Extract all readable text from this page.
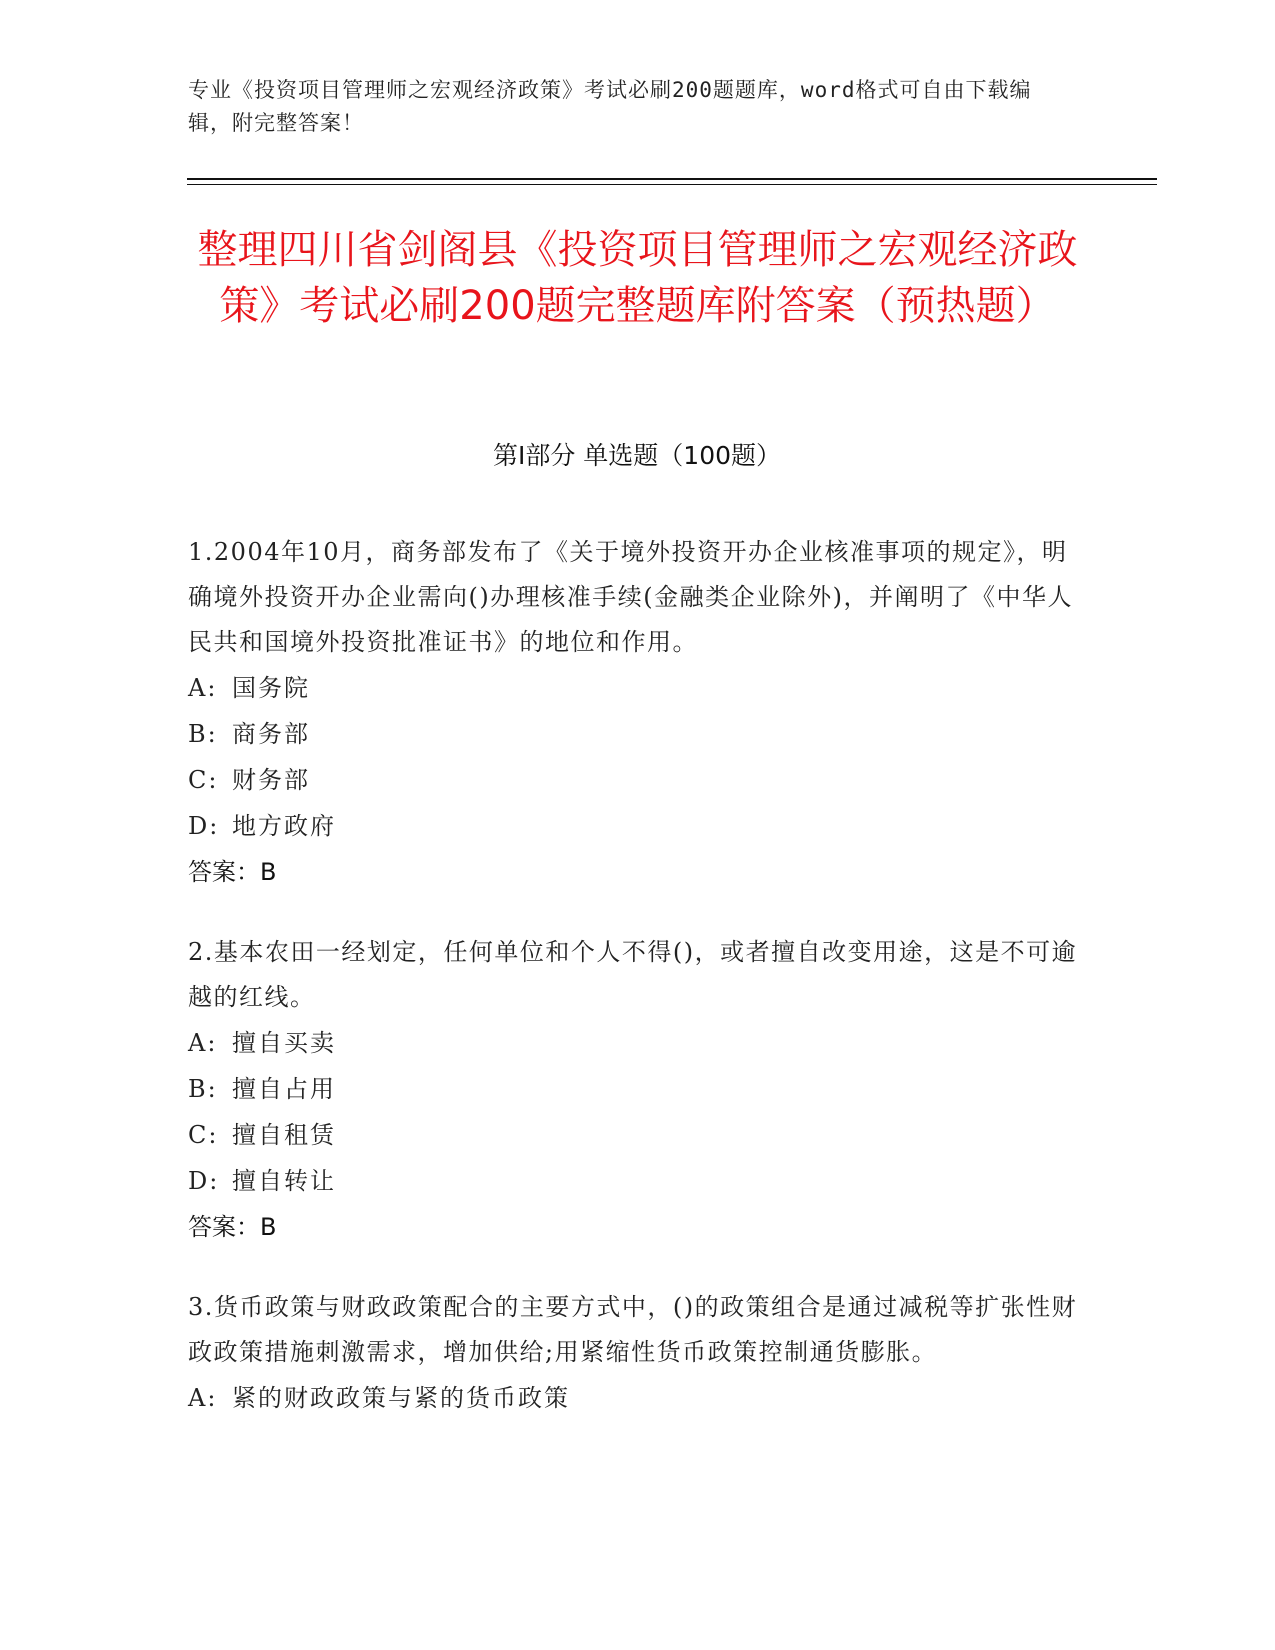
专业《投资项目管理师之宏观经济政策》考试必刷200题题库，word格式可自由下载编辑，附完整答案！
整理四川省剑阁县《投资项目管理师之宏观经济政策》考试必刷200题完整题库附答案（预热题）
第I部分 单选题（100题）

1.2004年10月，商务部发布了《关于境外投资开办企业核准事项的规定》，明确境外投资开办企业需向()办理核准手续(金融类企业除外)，并阐明了《中华人民共和国境外投资批准证书》的地位和作用。

A: 国务院

B: 商务部

C: 财务部

D: 地方政府

答案：B

2.基本农田一经划定，任何单位和个人不得()，或者擅自改变用途，这是不可逾越的红线。

A: 擅自买卖

B: 擅自占用

C: 擅自租赁

D: 擅自转让

答案：B

3.货币政策与财政政策配合的主要方式中，()的政策组合是通过减税等扩张性财政政策措施刺激需求，增加供给;用紧缩性货币政策控制通货膨胀。

A: 紧的财政政策与紧的货币政策
